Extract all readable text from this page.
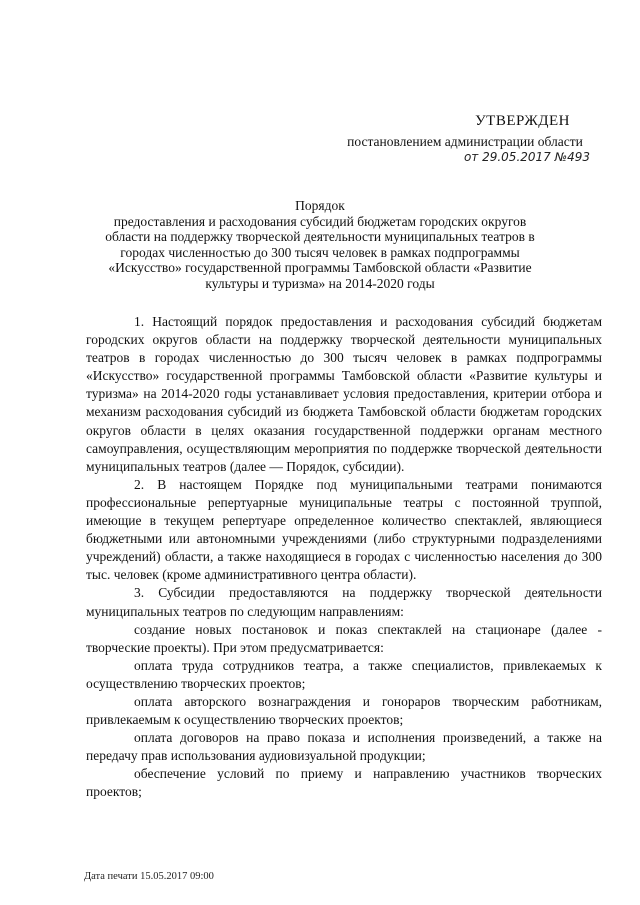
УТВЕРЖДЕН
постановлением администрации области
от 29.05.2017 №493
Порядок
предоставления и расходования субсидий бюджетам городских округов
области на поддержку творческой деятельности муниципальных театров в
городах численностью до 300 тысяч человек в рамках подпрограммы
«Искусство» государственной программы Тамбовской области «Развитие
культуры и туризма» на 2014-2020 годы

1. Настоящий порядок предоставления и расходования субсидий бюджетам городских округов области на поддержку творческой деятельности муниципальных театров в городах численностью до 300 тысяч человек в рамках подпрограммы «Искусство» государственной программы Тамбовской области «Развитие культуры и туризма» на 2014-2020 годы устанавливает условия предоставления, критерии отбора и механизм расходования субсидий из бюджета Тамбовской области бюджетам городских округов области в целях оказания государственной поддержки органам местного самоуправления, осуществляющим мероприятия по поддержке творческой деятельности муниципальных театров (далее — Порядок, субсидии).

2. В настоящем Порядке под муниципальными театрами понимаются профессиональные репертуарные муниципальные театры с постоянной труппой, имеющие в текущем репертуаре определенное количество спектаклей, являющиеся бюджетными или автономными учреждениями (либо структурными подразделениями учреждений) области, а также находящиеся в городах с численностью населения до 300 тыс. человек (кроме административного центра области).

3. Субсидии предоставляются на поддержку творческой деятельности муниципальных театров по следующим направлениям:

создание новых постановок и показ спектаклей на стационаре (далее - творческие проекты). При этом предусматривается:

оплата труда сотрудников театра, а также специалистов, привлекаемых к осуществлению творческих проектов;

оплата авторского вознаграждения и гонораров творческим работникам, привлекаемым к осуществлению творческих проектов;

оплата договоров на право показа и исполнения произведений, а также на передачу прав использования аудиовизуальной продукции;

обеспечение условий по приему и направлению участников творческих проектов;

Дата печати 15.05.2017 09:00
